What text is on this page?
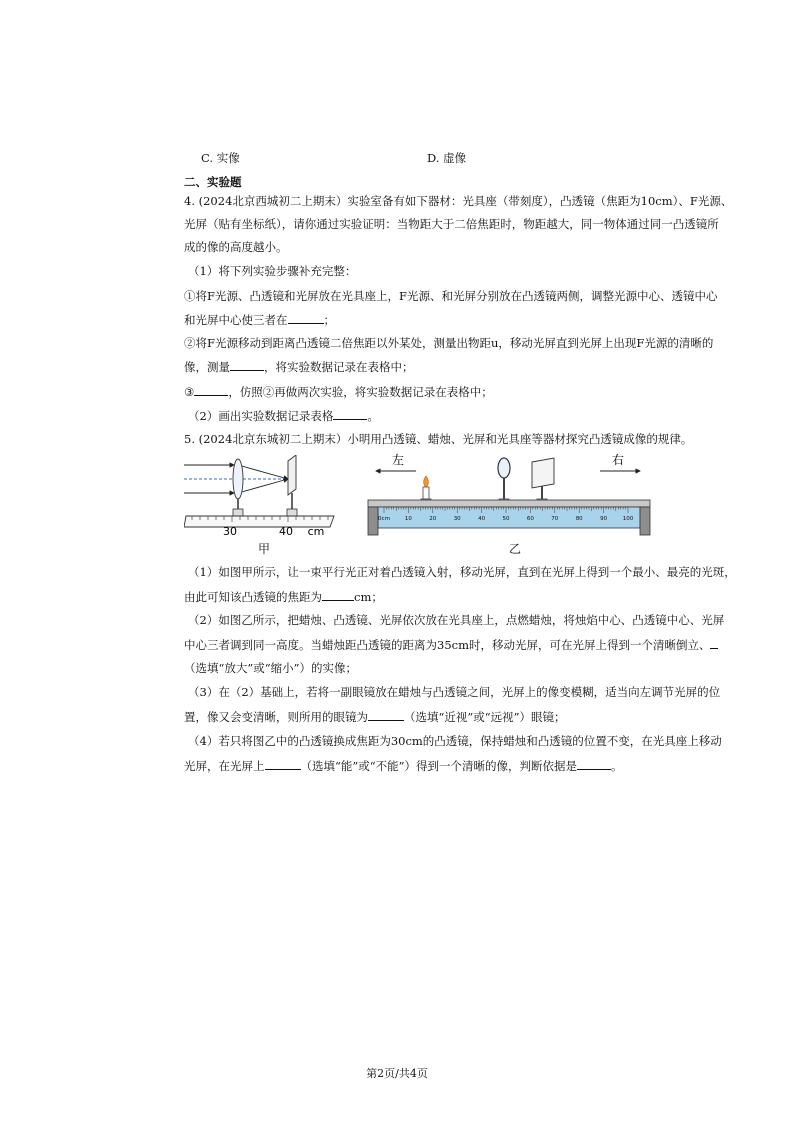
C. 实像	D. 虚像
二、实验题
4. (2024北京西城初二上期末）实验室备有如下器材：光具座（带刻度），凸透镜（焦距为10cm）、F光源、
光屏（贴有坐标纸），请你通过实验证明：当物距大于二倍焦距时，物距越大，同一物体通过同一凸透镜所
成的像的高度越小。
（1）将下列实验步骤补充完整：
①将F光源、凸透镜和光屏放在光具座上，F光源、和光屏分别放在凸透镜两侧，调整光源中心、透镜中心
和光屏中心使三者在	；
②将F光源移动到距离凸透镜二倍焦距以外某处，测量出物距u，移动光屏直到光屏上出现F光源的清晰的
像，测量	，将实验数据记录在表格中；
③	，仿照②再做两次实验，将实验数据记录在表格中；
（2）画出实验数据记录表格	。
5. (2024北京东城初二上期末）小明用凸透镜、蜡烛、光屏和光具座等器材探究凸透镜成像的规律。
30	40 cm
甲
左	右
0cm	10	20	30	40	50	60	70	80	90	100
乙
（1）如图甲所示，让一束平行光正对着凸透镜入射，移动光屏，直到在光屏上得到一个最小、最亮的光斑，
由此可知该凸透镜的焦距为	cm；
（2）如图乙所示，把蜡烛、凸透镜、光屏依次放在光具座上，点燃蜡烛，将烛焰中心、凸透镜中心、光屏
中心三者调到同一高度。当蜡烛距凸透镜的距离为35cm时，移动光屏，可在光屏上得到一个清晰倒立、
（选填“放大”或“缩小”）的实像；
（3）在（2）基础上，若将一副眼镜放在蜡烛与凸透镜之间，光屏上的像变模糊，适当向左调节光屏的位
置，像又会变清晰，则所用的眼镜为	（选填“近视”或“远视”）眼镜；
（4）若只将图乙中的凸透镜换成焦距为30cm的凸透镜，保持蜡烛和凸透镜的位置不变，在光具座上移动
光屏，在光屏上	（选填“能”或“不能”）得到一个清晰的像，判断依据是	。
第2页/共4页
